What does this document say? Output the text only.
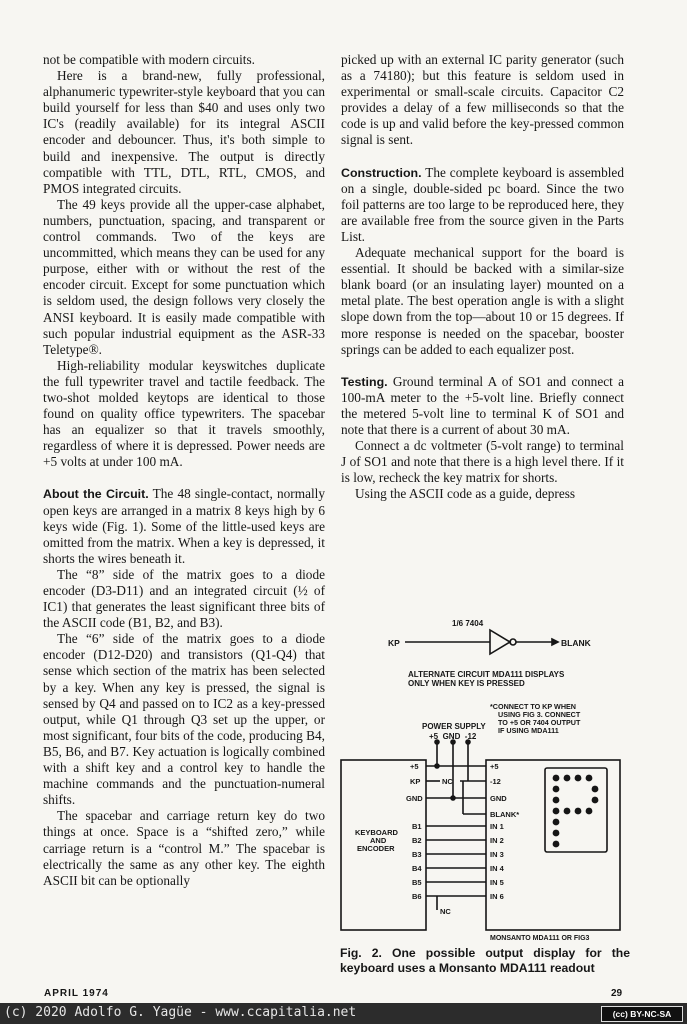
not be compatible with modern circuits.

Here is a brand-new, fully professional, alphanumeric typewriter-style keyboard that you can build yourself for less than $40 and uses only two IC's (readily available) for its integral ASCII encoder and debouncer. Thus, it's both simple to build and inexpensive. The output is directly compatible with TTL, DTL, RTL, CMOS, and PMOS integrated circuits.

The 49 keys provide all the upper-case alphabet, numbers, punctuation, spacing, and transparent or control commands. Two of the keys are uncommitted, which means they can be used for any purpose, either with or without the rest of the encoder circuit. Except for some punctuation which is seldom used, the design follows very closely the ANSI keyboard. It is easily made compatible with such popular industrial equipment as the ASR-33 Teletype®.

High-reliability modular keyswitches duplicate the full typewriter travel and tactile feedback. The two-shot molded keytops are identical to those found on quality office typewriters. The spacebar has an equalizer so that it travels smoothly, regardless of where it is depressed. Power needs are +5 volts at under 100 mA.

About the Circuit. The 48 single-contact, normally open keys are arranged in a matrix 8 keys high by 6 keys wide (Fig. 1). Some of the little-used keys are omitted from the matrix. When a key is depressed, it shorts the wires beneath it.

The “8” side of the matrix goes to a diode encoder (D3-D11) and an integrated circuit (½ of IC1) that generates the least significant three bits of the ASCII code (B1, B2, and B3).

The “6” side of the matrix goes to a diode encoder (D12-D20) and transistors (Q1-Q4) that sense which section of the matrix has been selected by a key. When any key is pressed, the signal is sensed by Q4 and passed on to IC2 as a key-pressed output, while Q1 through Q3 set up the upper, or most significant, four bits of the code, producing B4, B5, B6, and B7. Key actuation is logically combined with a shift key and a control key to handle the machine commands and the punctuation-numeral shifts.

The spacebar and carriage return key do two things at once. Space is a “shifted zero,” while carriage return is a “control M.” The spacebar is electrically the same as any other key. The eighth ASCII bit can be optionally

picked up with an external IC parity generator (such as a 74180); but this feature is seldom used in experimental or small-scale circuits. Capacitor C2 provides a delay of a few milliseconds so that the code is up and valid before the key-pressed common signal is sent.

Construction. The complete keyboard is assembled on a single, double-sided pc board. Since the two foil patterns are too large to be reproduced here, they are available free from the source given in the Parts List.

Adequate mechanical support for the board is essential. It should be backed with a similar-size blank board (or an insulating layer) mounted on a metal plate. The best operation angle is with a slight slope down from the top—about 10 or 15 degrees. If more response is needed on the spacebar, booster springs can be added to each equalizer post.

Testing. Ground terminal A of SO1 and connect a 100-mA meter to the +5-volt line. Briefly connect the metered 5-volt line to terminal K of SO1 and note that there is a current of about 30 mA.

Connect a dc voltmeter (5-volt range) to terminal J of SO1 and note that there is a high level there. If it is low, recheck the key matrix for shorts.

Using the ASCII code as a guide, depress

1/6 7404
KP	BLANK
ALTERNATE CIRCUIT MDA111 DISPLAYS
ONLY WHEN KEY IS PRESSED
*CONNECT TO KP WHEN
USING FIG 3. CONNECT
TO +5 OR 7404 OUTPUT
IF USING MDA111
POWER SUPPLY
+5  GND  -12
KEYBOARD
AND
ENCODER
+5
KP
GND
B1
B2
B3
B4
B5
B6
NC
NC
+5
-12
GND
BLANK*
IN 1
IN 2
IN 3
IN 4
IN 5
IN 6
MONSANTO MDA111 OR FIG3
Fig. 2. One possible output display for the keyboard uses a Monsanto MDA111 readout
APRIL 1974	29
(c) 2020 Adolfo G. Yagüe - www.ccapitalia.net	(cc) BY-NC-SA
